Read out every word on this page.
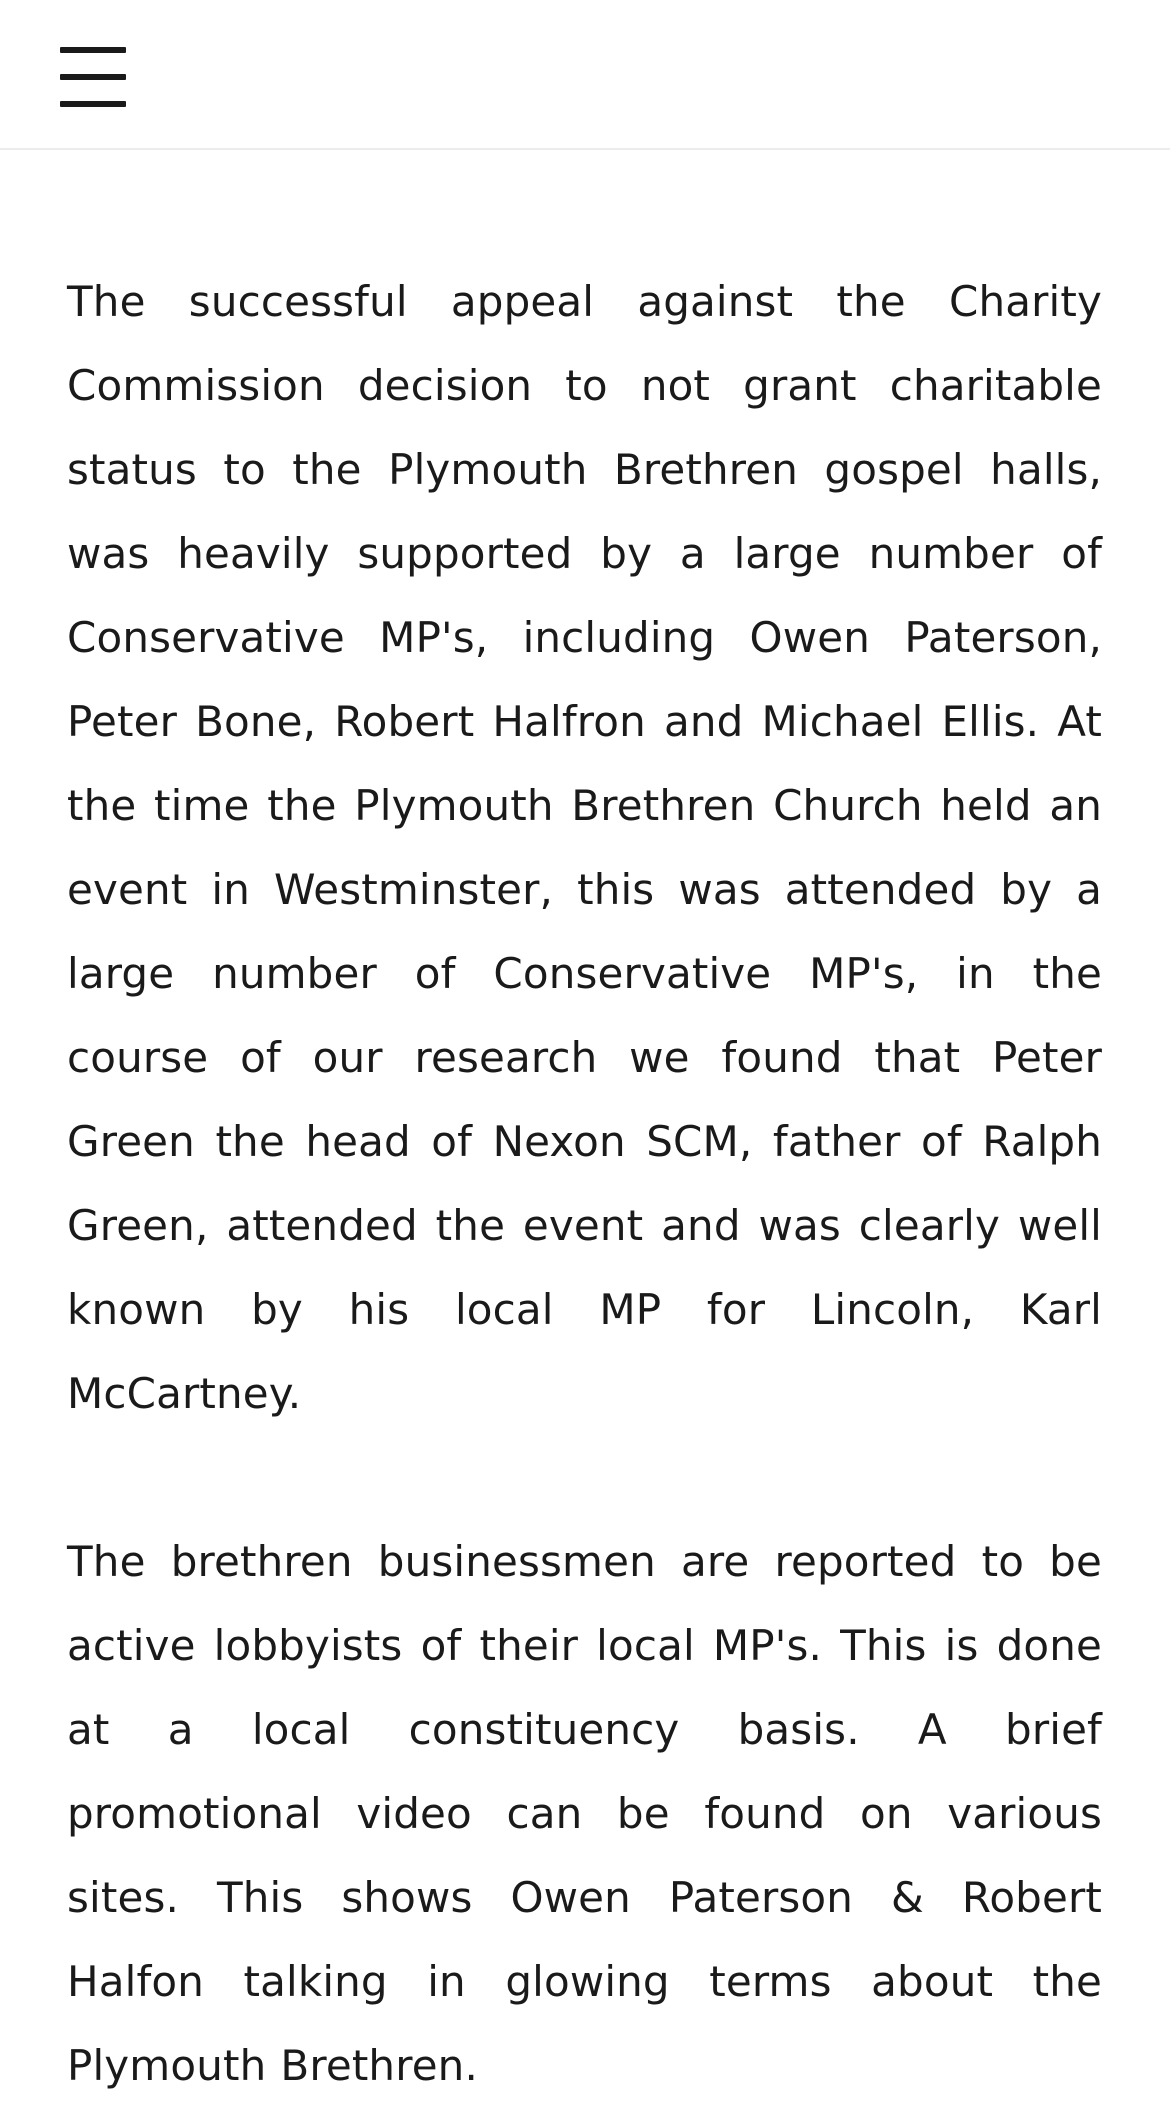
The successful appeal against the Charity Commission decision to not grant charitable status to the Plymouth Brethren gospel halls, was heavily supported by a large number of Conservative MP's, including Owen Paterson, Peter Bone, Robert Halfron and Michael Ellis. At the time the Plymouth Brethren Church held an event in Westminster, this was attended by a large number of Conservative MP's, in the course of our research we found that Peter Green the head of Nexon SCM, father of Ralph Green, attended the event and was clearly well known by his local MP for Lincoln, Karl McCartney.

The brethren businessmen are reported to be active lobbyists of their local MP's. This is done at a local constituency basis. A brief promotional video can be found on various sites. This shows Owen Paterson & Robert Halfon talking in glowing terms about the Plymouth Brethren.
